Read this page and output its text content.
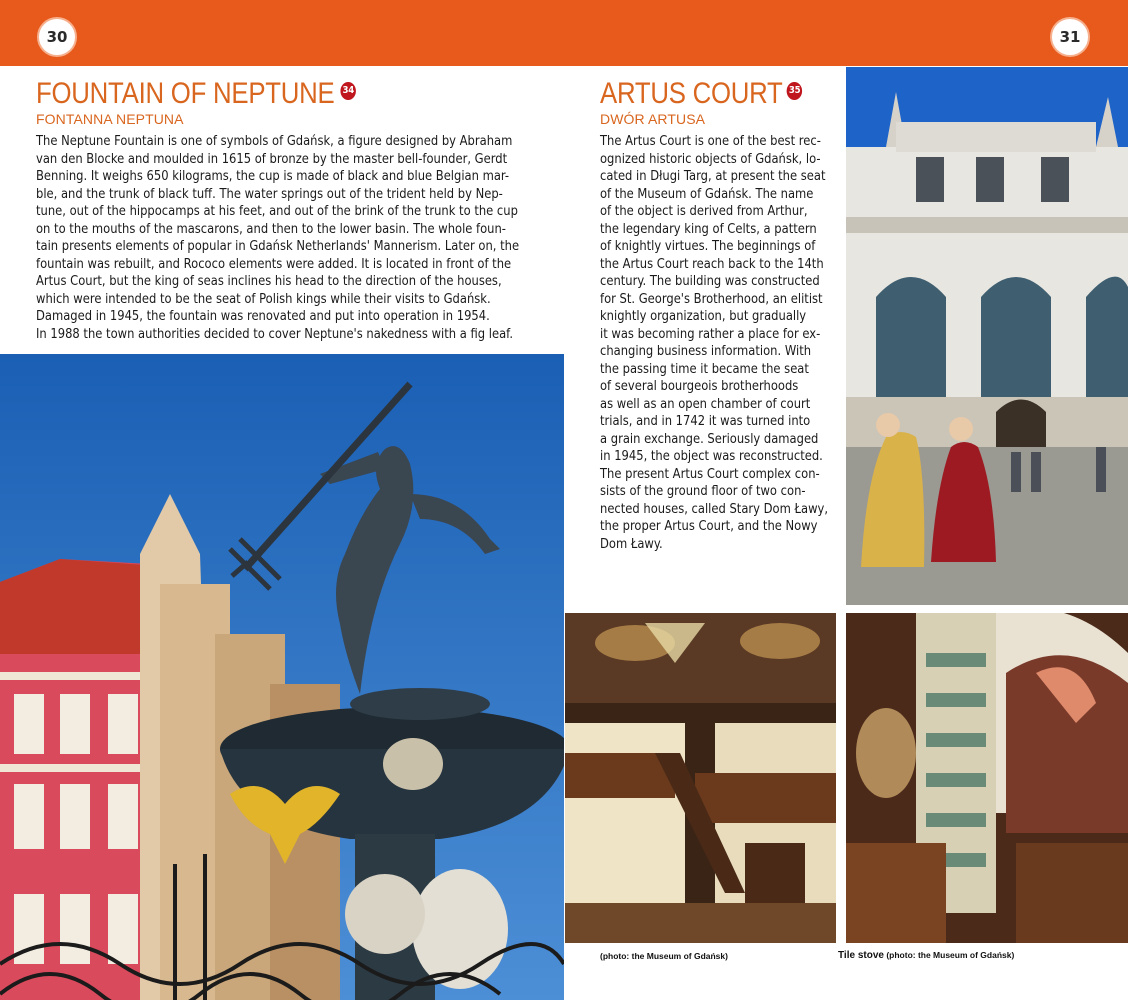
30	31
FOUNTAIN OF NEPTUNE 34
FONTANNA NEPTUNA
The Neptune Fountain is one of symbols of Gdańsk, a figure designed by Abraham
van den Blocke and moulded in 1615 of bronze by the master bell-founder, Gerdt
Benning. It weighs 650 kilograms, the cup is made of black and blue Belgian mar-
ble, and the trunk of black tuff. The water springs out of the trident held by Nep-
tune, out of the hippocamps at his feet, and out of the brink of the trunk to the cup
on to the mouths of the mascarons, and then to the lower basin. The whole foun-
tain presents elements of popular in Gdańsk Netherlands' Mannerism. Later on, the
fountain was rebuilt, and Rococo elements were added. It is located in front of the
Artus Court, but the king of seas inclines his head to the direction of the houses,
which were intended to be the seat of Polish kings while their visits to Gdańsk.
Damaged in 1945, the fountain was renovated and put into operation in 1954.
In 1988 the town authorities decided to cover Neptune's nakedness with a fig leaf.
ARTUS COURT 35
DWÓR ARTUSA
The Artus Court is one of the best rec-
ognized historic objects of Gdańsk, lo-
cated in Długi Targ, at present the seat
of the Museum of Gdańsk. The name
of the object is derived from Arthur,
the legendary king of Celts, a pattern
of knightly virtues. The beginnings of
the Artus Court reach back to the 14th
century. The building was constructed
for St. George's Brotherhood, an elitist
knightly organization, but gradually
it was becoming rather a place for ex-
changing business information. With
the passing time it became the seat
of several bourgeois brotherhoods
as well as an open chamber of court
trials, and in 1742 it was turned into
a grain exchange. Seriously damaged
in 1945, the object was reconstructed.
The present Artus Court complex con-
sists of the ground floor of two con-
nected houses, called Stary Dom Ławy,
the proper Artus Court, and the Nowy
Dom Ławy.
(photo: the Museum of Gdańsk)	Tile stove (photo: the Museum of Gdańsk)
